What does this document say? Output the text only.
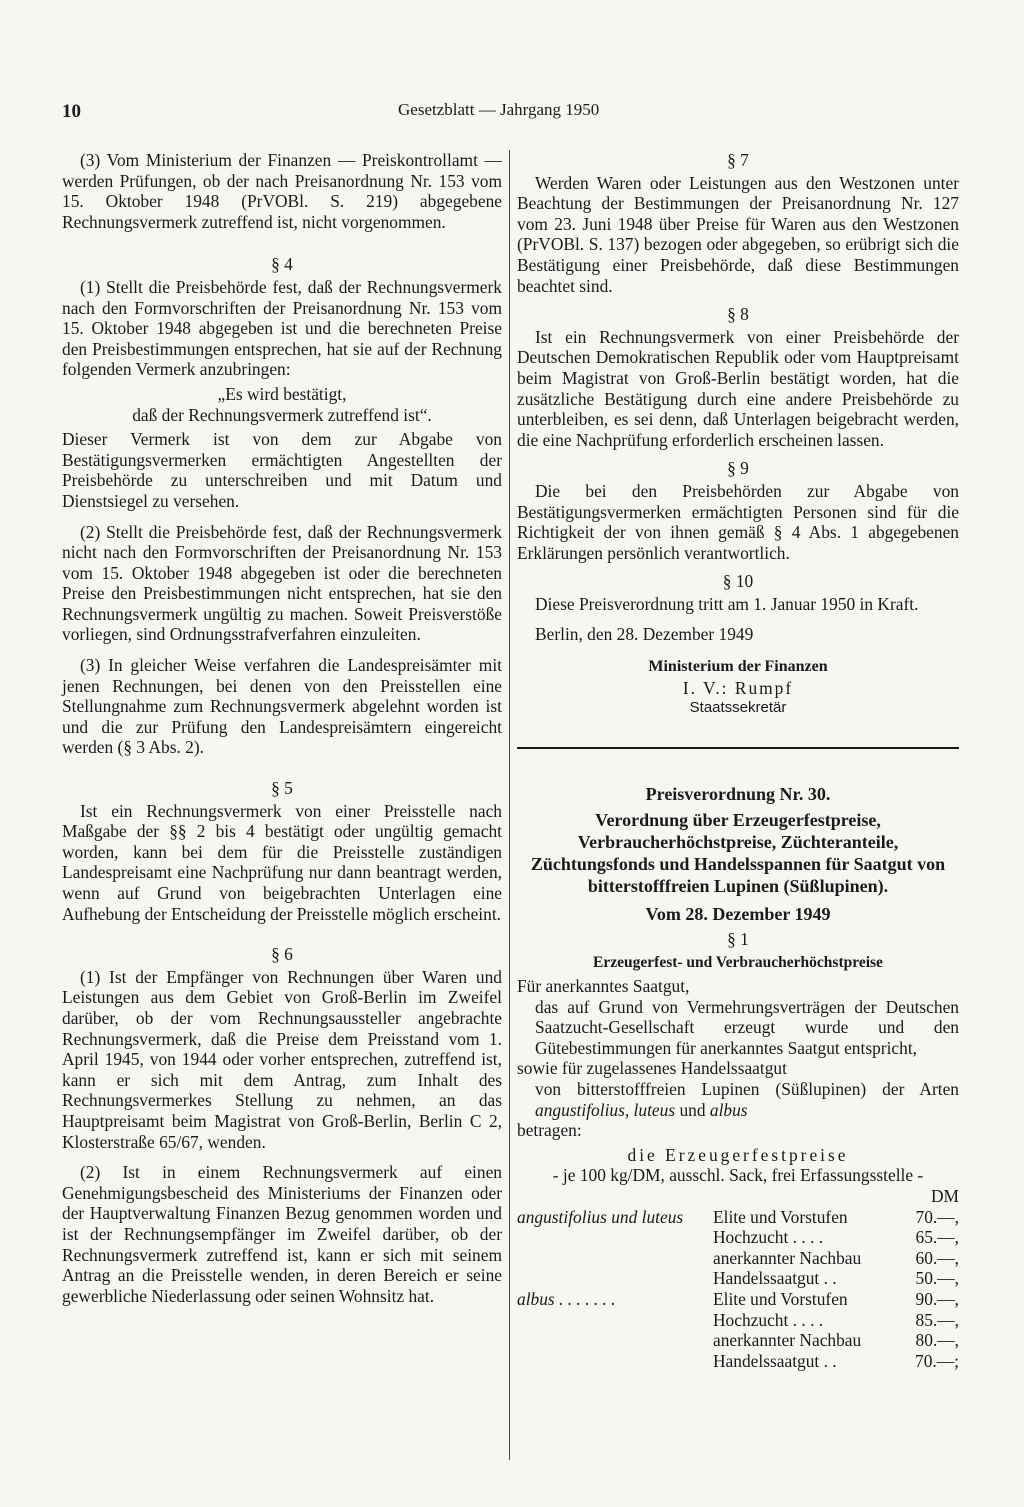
10	Gesetzblatt — Jahrgang 1950

(3) Vom Ministerium der Finanzen — Preiskontrollamt — werden Prüfungen, ob der nach Preisanordnung Nr. 153 vom 15. Oktober 1948 (PrVOBl. S. 219) abgegebene Rechnungsvermerk zutreffend ist, nicht vorgenommen.

§ 4

(1) Stellt die Preisbehörde fest, daß der Rechnungsvermerk nach den Formvorschriften der Preisanordnung Nr. 153 vom 15. Oktober 1948 abgegeben ist und die berechneten Preise den Preisbestimmungen entsprechen, hat sie auf der Rechnung folgenden Vermerk anzubringen:

„Es wird bestätigt,
daß der Rechnungsvermerk zutreffend ist“.

Dieser Vermerk ist von dem zur Abgabe von Bestätigungsvermerken ermächtigten Angestellten der Preisbehörde zu unterschreiben und mit Datum und Dienstsiegel zu versehen.

(2) Stellt die Preisbehörde fest, daß der Rechnungsvermerk nicht nach den Formvorschriften der Preisanordnung Nr. 153 vom 15. Oktober 1948 abgegeben ist oder die berechneten Preise den Preisbestimmungen nicht entsprechen, hat sie den Rechnungsvermerk ungültig zu machen. Soweit Preisverstöße vorliegen, sind Ordnungsstrafverfahren einzuleiten.

(3) In gleicher Weise verfahren die Landespreisämter mit jenen Rechnungen, bei denen von den Preisstellen eine Stellungnahme zum Rechnungsvermerk abgelehnt worden ist und die zur Prüfung den Landespreisämtern eingereicht werden (§ 3 Abs. 2).

§ 5

Ist ein Rechnungsvermerk von einer Preisstelle nach Maßgabe der §§ 2 bis 4 bestätigt oder ungültig gemacht worden, kann bei dem für die Preisstelle zuständigen Landespreisamt eine Nachprüfung nur dann beantragt werden, wenn auf Grund von beigebrachten Unterlagen eine Aufhebung der Entscheidung der Preisstelle möglich erscheint.

§ 6

(1) Ist der Empfänger von Rechnungen über Waren und Leistungen aus dem Gebiet von Groß-Berlin im Zweifel darüber, ob der vom Rechnungsaussteller angebrachte Rechnungsvermerk, daß die Preise dem Preisstand vom 1. April 1945, von 1944 oder vorher entsprechen, zutreffend ist, kann er sich mit dem Antrag, zum Inhalt des Rechnungsvermerkes Stellung zu nehmen, an das Hauptpreisamt beim Magistrat von Groß-Berlin, Berlin C 2, Klosterstraße 65/67, wenden.

(2) Ist in einem Rechnungsvermerk auf einen Genehmigungsbescheid des Ministeriums der Finanzen oder der Hauptverwaltung Finanzen Bezug genommen worden und ist der Rechnungsempfänger im Zweifel darüber, ob der Rechnungsvermerk zutreffend ist, kann er sich mit seinem Antrag an die Preisstelle wenden, in deren Bereich er seine gewerbliche Niederlassung oder seinen Wohnsitz hat.

§ 7

Werden Waren oder Leistungen aus den Westzonen unter Beachtung der Bestimmungen der Preisanordnung Nr. 127 vom 23. Juni 1948 über Preise für Waren aus den Westzonen (PrVOBl. S. 137) bezogen oder abgegeben, so erübrigt sich die Bestätigung einer Preisbehörde, daß diese Bestimmungen beachtet sind.

§ 8

Ist ein Rechnungsvermerk von einer Preisbehörde der Deutschen Demokratischen Republik oder vom Hauptpreisamt beim Magistrat von Groß-Berlin bestätigt worden, hat die zusätzliche Bestätigung durch eine andere Preisbehörde zu unterbleiben, es sei denn, daß Unterlagen beigebracht werden, die eine Nachprüfung erforderlich erscheinen lassen.

§ 9

Die bei den Preisbehörden zur Abgabe von Bestätigungsvermerken ermächtigten Personen sind für die Richtigkeit der von ihnen gemäß § 4 Abs. 1 abgegebenen Erklärungen persönlich verantwortlich.

§ 10

Diese Preisverordnung tritt am 1. Januar 1950 in Kraft.

Berlin, den 28. Dezember 1949

Ministerium der Finanzen
I. V.: Rumpf
Staatssekretär
Preisverordnung Nr. 30.
Verordnung über Erzeugerfestpreise, Verbraucherhöchstpreise, Züchteranteile, Züchtungsfonds und Handelsspannen für Saatgut von bitterstofffreien Lupinen (Süßlupinen).
Vom 28. Dezember 1949
§ 1
Erzeugerfest- und Verbraucherhöchstpreise

Für anerkanntes Saatgut,

das auf Grund von Vermehrungsverträgen der Deutschen Saatzucht-Gesellschaft erzeugt wurde und den Gütebestimmungen für anerkanntes Saatgut entspricht,

sowie für zugelassenes Handelssaatgut

von bitterstofffreien Lupinen (Süßlupinen) der Arten angustifolius, luteus und albus

betragen:

die Erzeugerfestpreise
- je 100 kg/DM, ausschl. Sack, frei Erfassungsstelle -
DM
angustifolius und luteus	Elite und Vorstufen	70.—,
	Hochzucht . . . .	65.—,
	anerkannter Nachbau	60.—,
	Handelssaatgut . .	50.—,
albus . . . . . . .	Elite und Vorstufen	90.—,
	Hochzucht . . . .	85.—,
	anerkannter Nachbau	80.—,
	Handelssaatgut . .	70.—;
